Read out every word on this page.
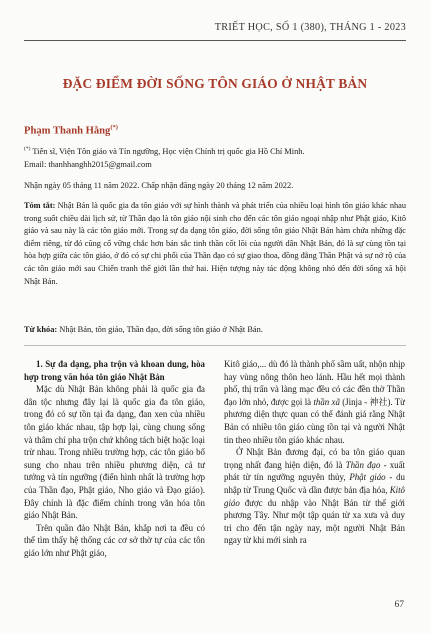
TRIẾT HỌC, SỐ 1 (380), THÁNG 1 - 2023
ĐẶC ĐIỂM ĐỜI SỐNG TÔN GIÁO Ở NHẬT BẢN
Phạm Thanh Hằng(*)
(*) Tiến sĩ, Viện Tôn giáo và Tín ngưỡng, Học viện Chính trị quốc gia Hồ Chí Minh.
Email: thanhhanghh2015@gmail.com
Nhận ngày 05 tháng 11 năm 2022. Chấp nhận đăng ngày 20 tháng 12 năm 2022.
Tóm tắt: Nhật Bản là quốc gia đa tôn giáo với sự hình thành và phát triển của nhiều loại hình tôn giáo khác nhau trong suốt chiều dài lịch sử, từ Thần đạo là tôn giáo nội sinh cho đến các tôn giáo ngoại nhập như Phật giáo, Kitô giáo và sau này là các tôn giáo mới. Trong sự đa dạng tôn giáo, đời sống tôn giáo Nhật Bản hàm chứa những đặc điểm riêng, từ đó cũng cố vững chắc hơn bản sắc tinh thần cốt lõi của người dân Nhật Bản, đó là sự cùng tồn tại hòa hợp giữa các tôn giáo, ở đó có sự chi phối của Thần đạo có sự giao thoa, đồng đẳng Thần Phật và sự nở rộ của các tôn giáo mới sau Chiến tranh thế giới lần thứ hai. Hiện tượng này tác động không nhỏ đến đời sống xã hội Nhật Bản.
Từ khóa: Nhật Bản, tôn giáo, Thần đạo, đời sống tôn giáo ở Nhật Bản.

1. Sự đa dạng, pha trộn và khoan dung, hòa hợp trong văn hóa tôn giáo Nhật Bản

Mặc dù Nhật Bản không phải là quốc gia đa dân tộc nhưng đây lại là quốc gia đa tôn giáo, trong đó có sự tồn tại đa dạng, đan xen của nhiều tôn giáo khác nhau, tập hợp lại, cùng chung sống và thâm chí pha trộn chứ không tách biệt hoặc loại trừ nhau. Trong nhiều trường hợp, các tôn giáo bổ sung cho nhau trên nhiều phương diện, cả tư tưởng và tín ngưỡng (điển hình nhất là trường hợp của Thần đạo, Phật giáo, Nho giáo và Đạo giáo). Đây chính là đặc điểm chính trong văn hóa tôn giáo Nhật Bản.

Trên quần đảo Nhật Bản, khắp nơi ta đều có thể tìm thấy hệ thống các cơ sở thờ tự của các tôn giáo lớn như Phật giáo,

Kitô giáo,... dù đó là thành phố sầm uất, nhộn nhịp hay vùng nông thôn heo lánh. Hầu hết mọi thành phố, thị trấn và làng mạc đều có các đền thờ Thần đạo lớn nhỏ, được gọi là thần xã (Jinja - 神社). Từ phương diện thực quan có thể đánh giá rằng Nhật Bản có nhiều tôn giáo cùng tồn tại và người Nhật tin theo nhiều tôn giáo khác nhau.

Ở Nhật Bản đương đại, có ba tôn giáo quan trọng nhất đang hiện diện, đó là Thần đạo - xuất phát từ tín ngưỡng nguyên thủy, Phật giáo - du nhập từ Trung Quốc và dần được bản địa hóa, Kitô giáo được du nhập vào Nhật Bản từ thế giới phương Tây. Như một tập quán từ xa xưa và duy trì cho đến tận ngày nay, một người Nhật Bản ngay từ khi mới sinh ra

67
